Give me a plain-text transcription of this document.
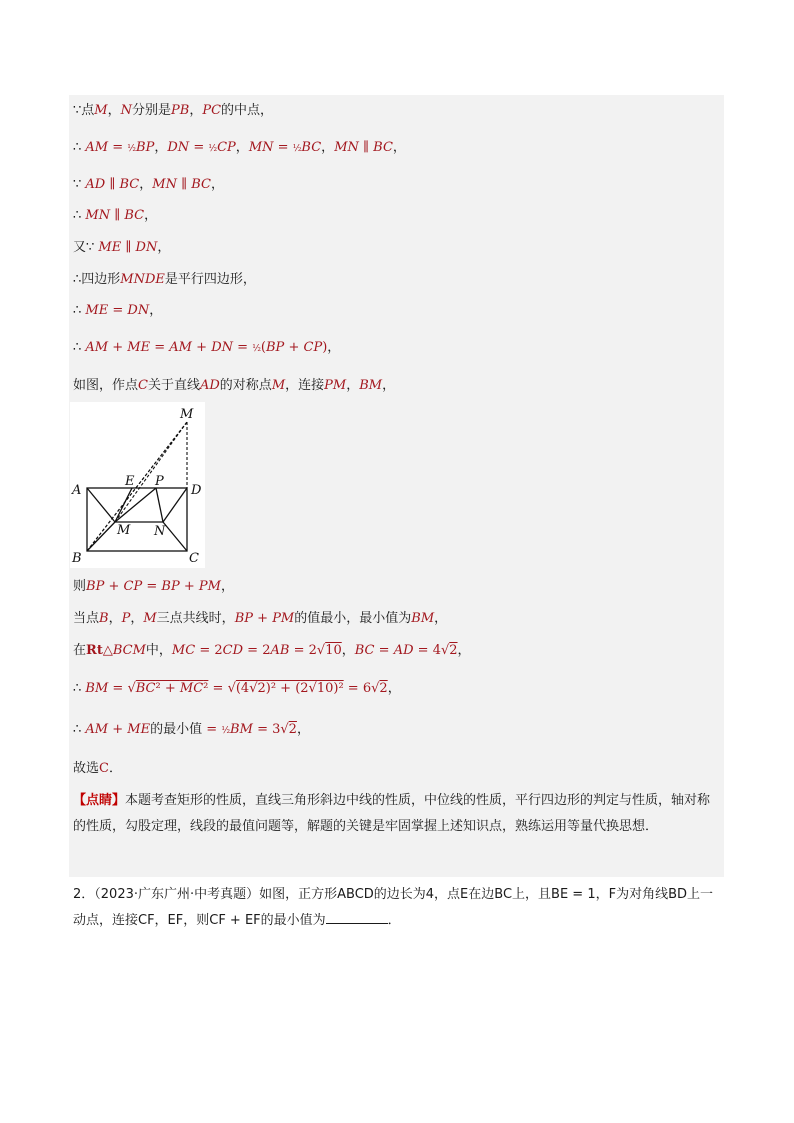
∵点M，N分别是PB，PC的中点，
∴ AM = ½BP，DN = ½CP，MN = ½BC，MN ∥ BC，
∵ AD ∥ BC，MN ∥ BC，
∴ MN ∥ BC，
又∵ ME ∥ DN，
∴四边形MNDE是平行四边形，
∴ ME = DN，
∴ AM + ME = AM + DN = ½(BP + CP)，
如图，作点C关于直线AD的对称点M，连接PM，BM，
M
A
E P
D
M N
B	C
则BP + CP = BP + PM，
当点B，P，M三点共线时，BP + PM的值最小，最小值为BM，
在Rt△BCM中，MC = 2CD = 2AB = 2√10，BC = AD = 4√2，
∴ BM = √BC² + MC² = √(4√2)² + (2√10)² = 6√2，
∴ AM + ME的最小值 = ½BM = 3√2，
故选C．
【点睛】本题考查矩形的性质，直线三角形斜边中线的性质，中位线的性质，平行四边形的判定与性质，轴对称的性质，勾股定理，线段的最值问题等，解题的关键是牢固掌握上述知识点，熟练运用等量代换思想．
2．（2023·广东广州·中考真题）如图，正方形ABCD的边长为4，点E在边BC上，且BE = 1，F为对角线BD上一动点，连接CF，EF，则CF + EF的最小值为	．
